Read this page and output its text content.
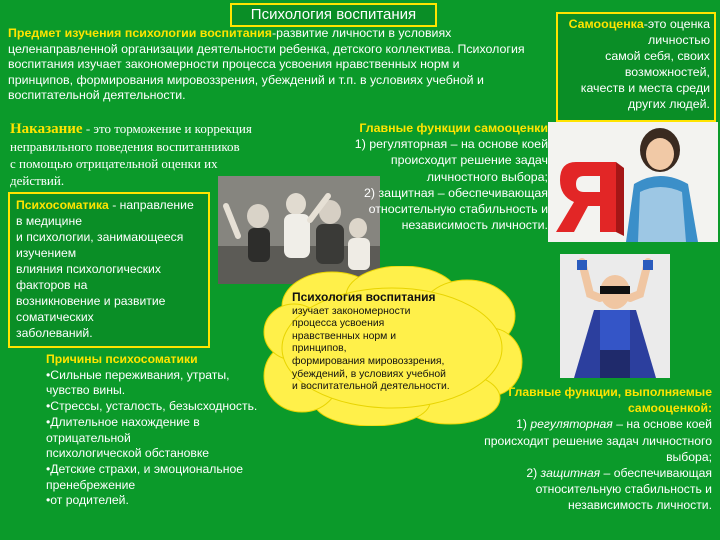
Психология воспитания
Предмет изучения психологии воспитания-развитие личности в условиях
целенаправленной организации деятельности ребенка, детского коллектива. Психология
воспитания изучает закономерности процесса усвоения нравственных норм и
принципов, формирования мировоззрения, убеждений и т.п. в условиях учебной и
воспитательной деятельности.
Самооценка-это оценка
личностью
самой себя, своих
возможностей,
качеств и места среди
других людей.
Наказание - это торможение и коррекция
неправильного поведения воспитанников
с помощью отрицательной оценки их
действий.
Психосоматика - направление
в медицине
и психологии, занимающееся
изучением
влияния психологических
факторов на
возникновение и развитие
соматических
заболеваний.
Главные функции самооценки
1) регуляторная – на основе коей
происходит решение задач
личностного выбора;
2) защитная – обеспечивающая
относительную стабильность и
независимость личности.
Психология воспитания
изучает закономерности
процесса усвоения
нравственных норм и
принципов,
формирования мировоззрения,
убеждений, в условиях учебной
и воспитательной деятельности.
Причины психосоматики
•Сильные переживания, утраты,
чувство вины.
•Стрессы, усталость, безысходность.
•Длительное нахождение в
отрицательной
психологической обстановке
•Детские страхи, и эмоциональное
пренебрежение
•от родителей.
Главные функции, выполняемые
самооценкой:
1) регуляторная – на основе коей
происходит решение задач личностного
выбора;
2) защитная – обеспечивающая
относительную стабильность и
независимость личности.
